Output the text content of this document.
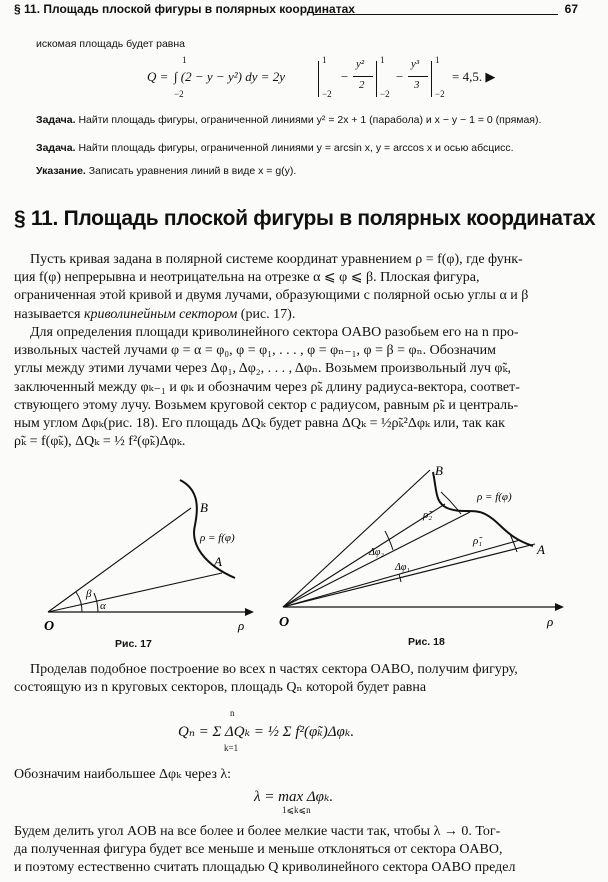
§ 11. Площадь плоской фигуры в полярных координатах	67
искомая площадь будет равна
Q = ∫ (2 − y − y²) dy = 2y
1
−2
1
−2
−
y²
2
1
−2
−
y³
3
1
−2
= 4,5. ▶
Задача. Найти площадь фигуры, ограниченной линиями y² = 2x + 1 (парабола) и x − y − 1 = 0 (прямая).
Задача. Найти площадь фигуры, ограниченной линиями y = arcsin x, y = arccos x и осью абсцисс.
Указание. Записать уравнения линий в виде x = g(y).
§ 11. Площадь плоской фигуры в полярных координатах
Пусть кривая задана в полярной системе координат уравнением ρ = f(φ), где функ-
ция f(φ) непрерывна и неотрицательна на отрезке α ⩽ φ ⩽ β. Плоская фигура,
ограниченная этой кривой и двумя лучами, образующими с полярной осью углы α и β
называется криволинейным сектором (рис. 17).
Для определения площади криволинейного сектора OABO разобьем его на n про-
извольных частей лучами φ = α = φ₀, φ = φ₁, . . . , φ = φₙ₋₁, φ = β = φₙ. Обозначим
углы между этими лучами через Δφ₁, Δφ₂, . . . , Δφₙ. Возьмем произвольный луч φ̃ₖ,
заключенный между φₖ₋₁ и φₖ и обозначим через ρ̃ₖ длину радиуса-вектора, соответ-
ствующего этому лучу. Возьмем круговой сектор с радиусом, равным ρ̃ₖ и централь-
ным углом Δφₖ(рис. 18). Его площадь ΔQₖ будет равна ΔQₖ = ½ρ̃ₖ²Δφₖ или, так как
ρ̃ₖ = f(φ̃ₖ), ΔQₖ = ½ f²(φ̃ₖ)Δφₖ.
O	ρ
B
A
ρ = f(φ)
α
β
Рис. 17
O	ρ
B
A
ρ = f(φ)
ρ̃₂
ρ̃₁
Δφ₂
Δφ₁
Рис. 18
Проделав подобное построение во всех n частях сектора OABO, получим фигуру,
состоящую из n круговых секторов, площадь Qₙ которой будет равна
Qₙ = Σ ΔQₖ = ½ Σ f²(φ̃ₖ)Δφₖ.
n
k=1
Обозначим наибольшее Δφₖ через λ:
λ = max Δφₖ.
1⩽k⩽n
Будем делить угол AOB на все более и более мелкие части так, чтобы λ → 0. Тог-
да полученная фигура будет все меньше и меньше отклоняться от сектора OABO,
и поэтому естественно считать площадью Q криволинейного сектора OABO предел
